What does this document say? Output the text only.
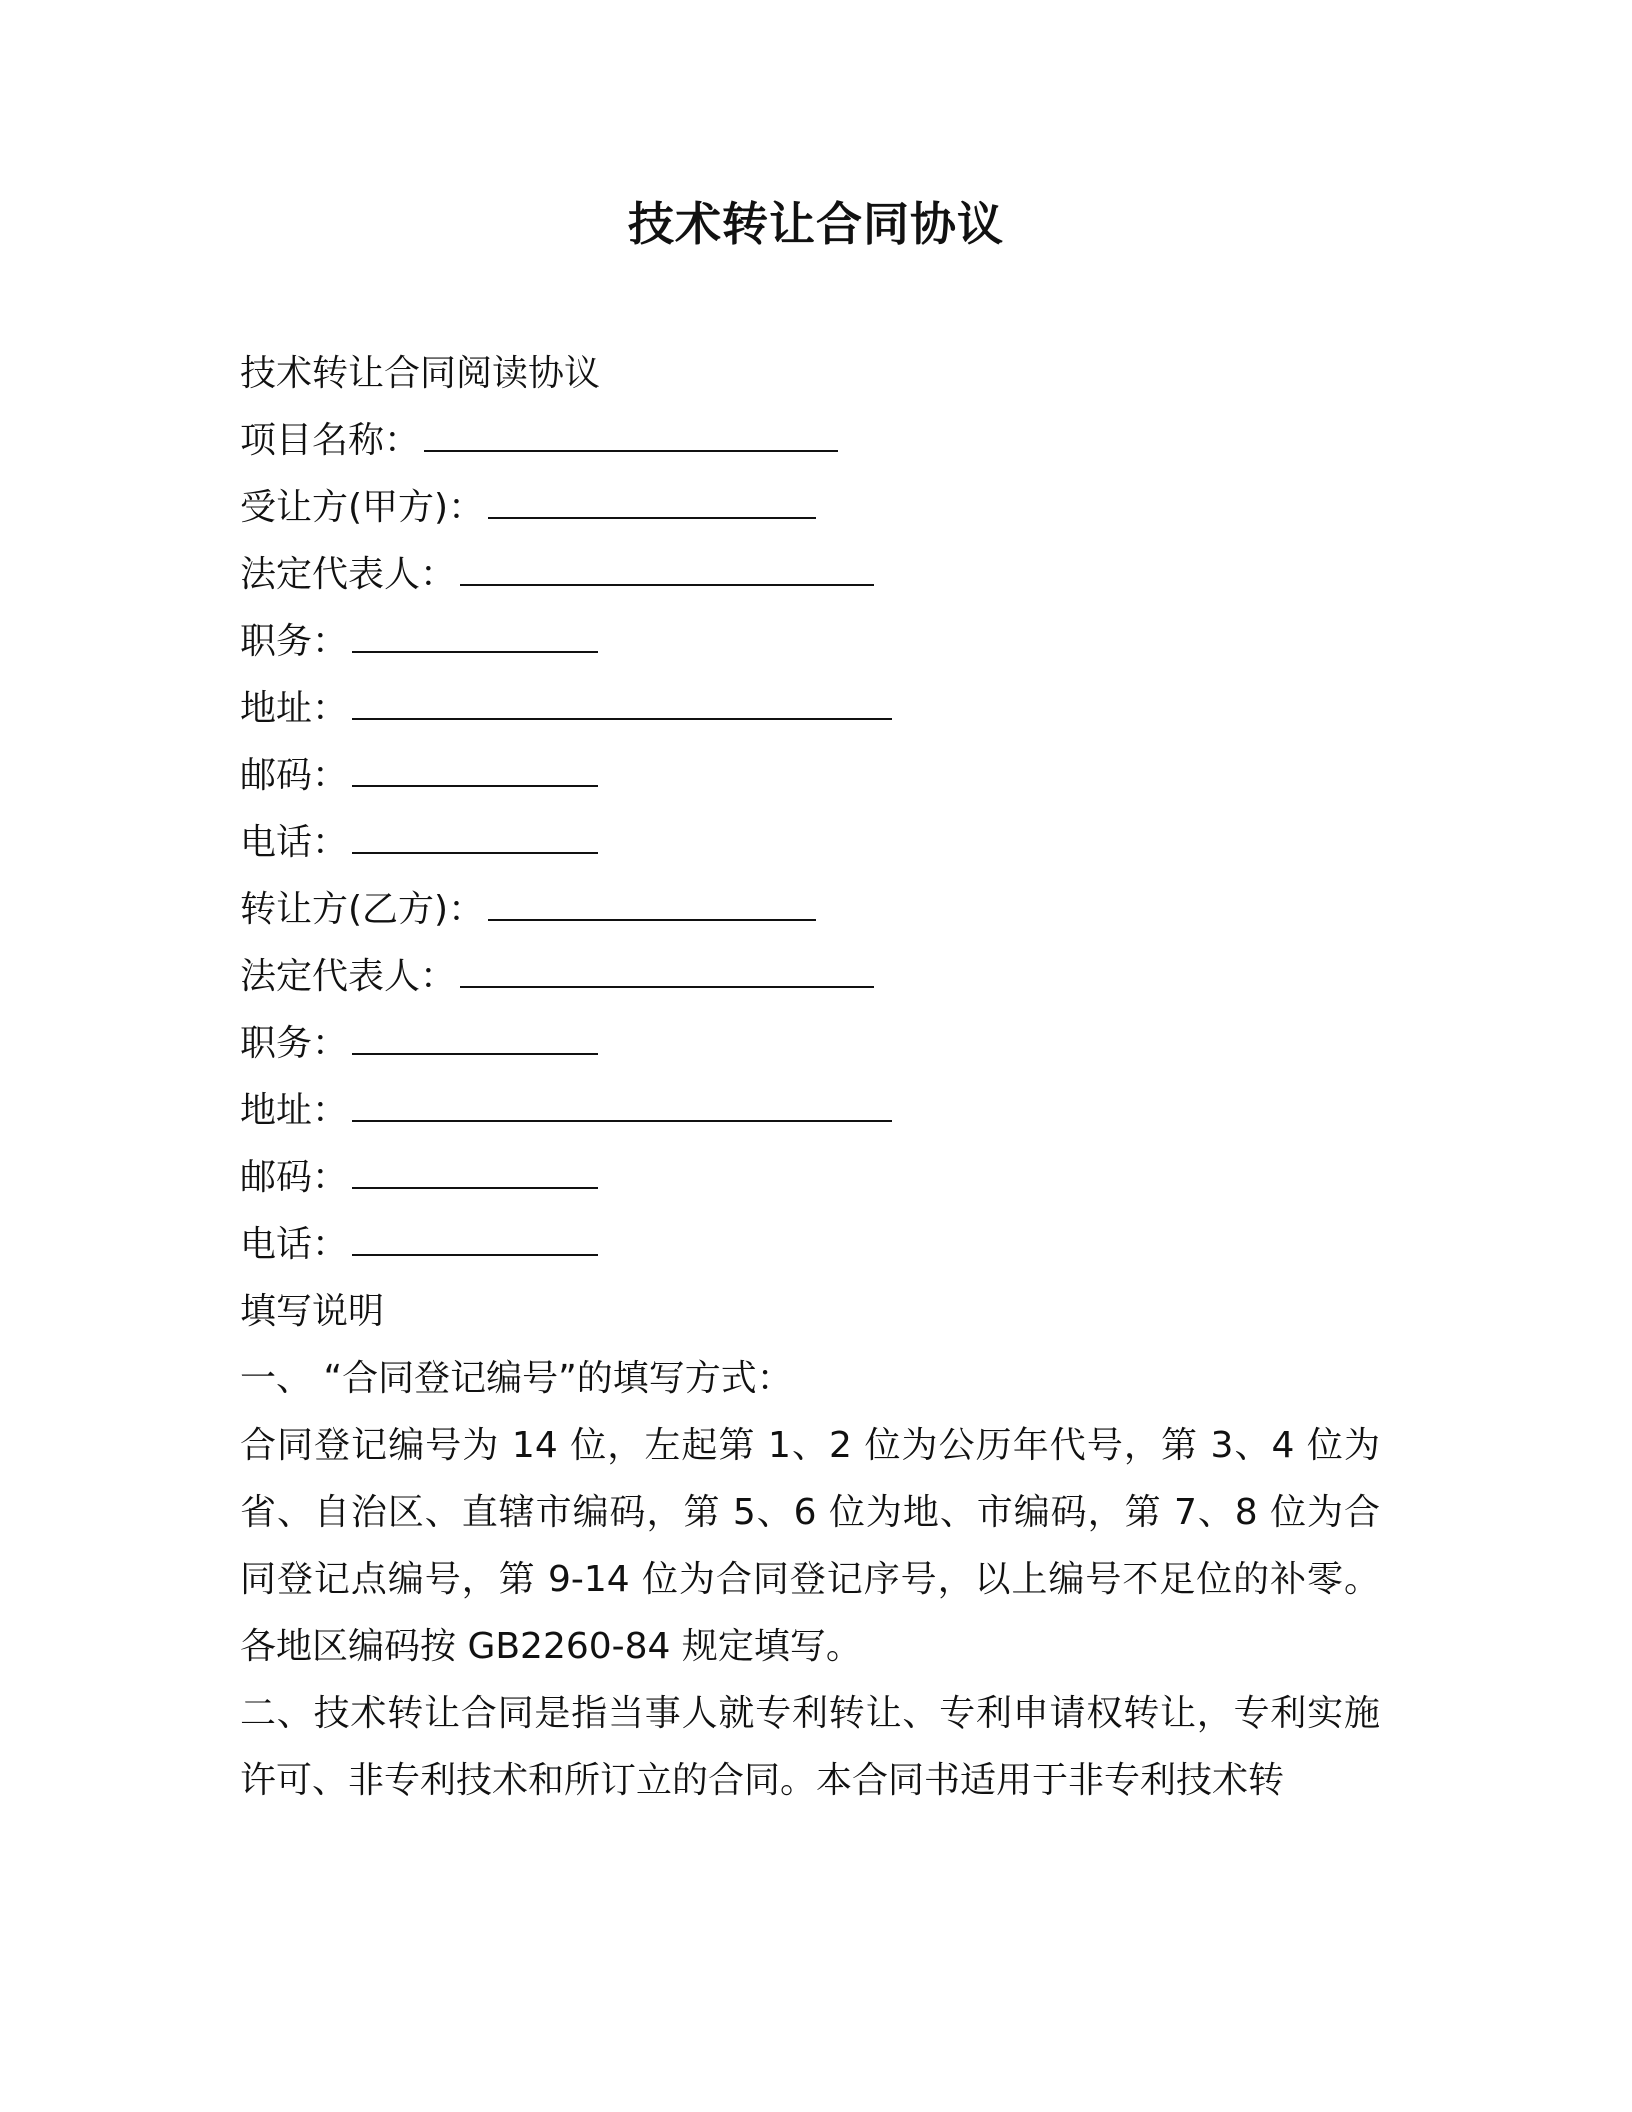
技术转让合同协议
技术转让合同阅读协议
项目名称：
受让方(甲方)：
法定代表人：
职务：
地址：
邮码：
电话：
转让方(乙方)：
法定代表人：
职务：
地址：
邮码：
电话：
填写说明
一、 “合同登记编号”的填写方式：
合同登记编号为 14 位，左起第 1、2 位为公历年代号，第 3、4 位为省、自治区、直辖市编码，第 5、6 位为地、市编码，第 7、8 位为合同登记点编号，第 9-14 位为合同登记序号，以上编号不足位的补零。各地区编码按 GB2260-84 规定填写。
二、技术转让合同是指当事人就专利转让、专利申请权转让，专利实施许可、非专利技术和所订立的合同。本合同书适用于非专利技术转
